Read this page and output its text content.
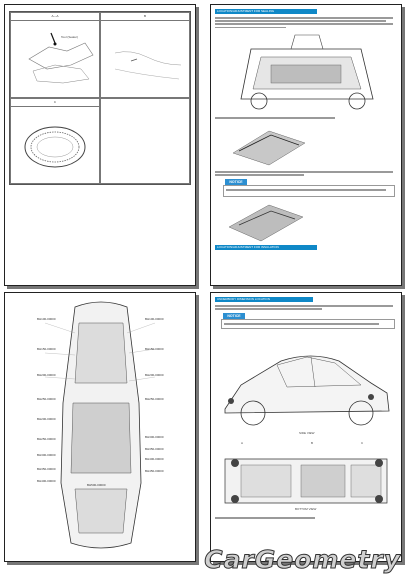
A—A
Tool (Sealer)
B
C
LOCATION/ADJUSTMENT FOR SEALING
NOTICE
LOCATION/ADJUSTMENT FOR INSULATION
BH100-00000
BH150-00000
BH200-00000
BH250-00000
BH200-00000
BH250-00000
BH300-00000
BH350-00000
BH400-00000
BH100-00000
BH150-00000
BH200-00000
BH250-00000
BH300-00000
BH350-00000
BH400-00000
BH450-00000
BH500-00000
UNDERBODY DIMENSION LOCATION
NOTICE
SIDE VIEW
A	B	C
BOTTOM VIEW
CarGeometry
